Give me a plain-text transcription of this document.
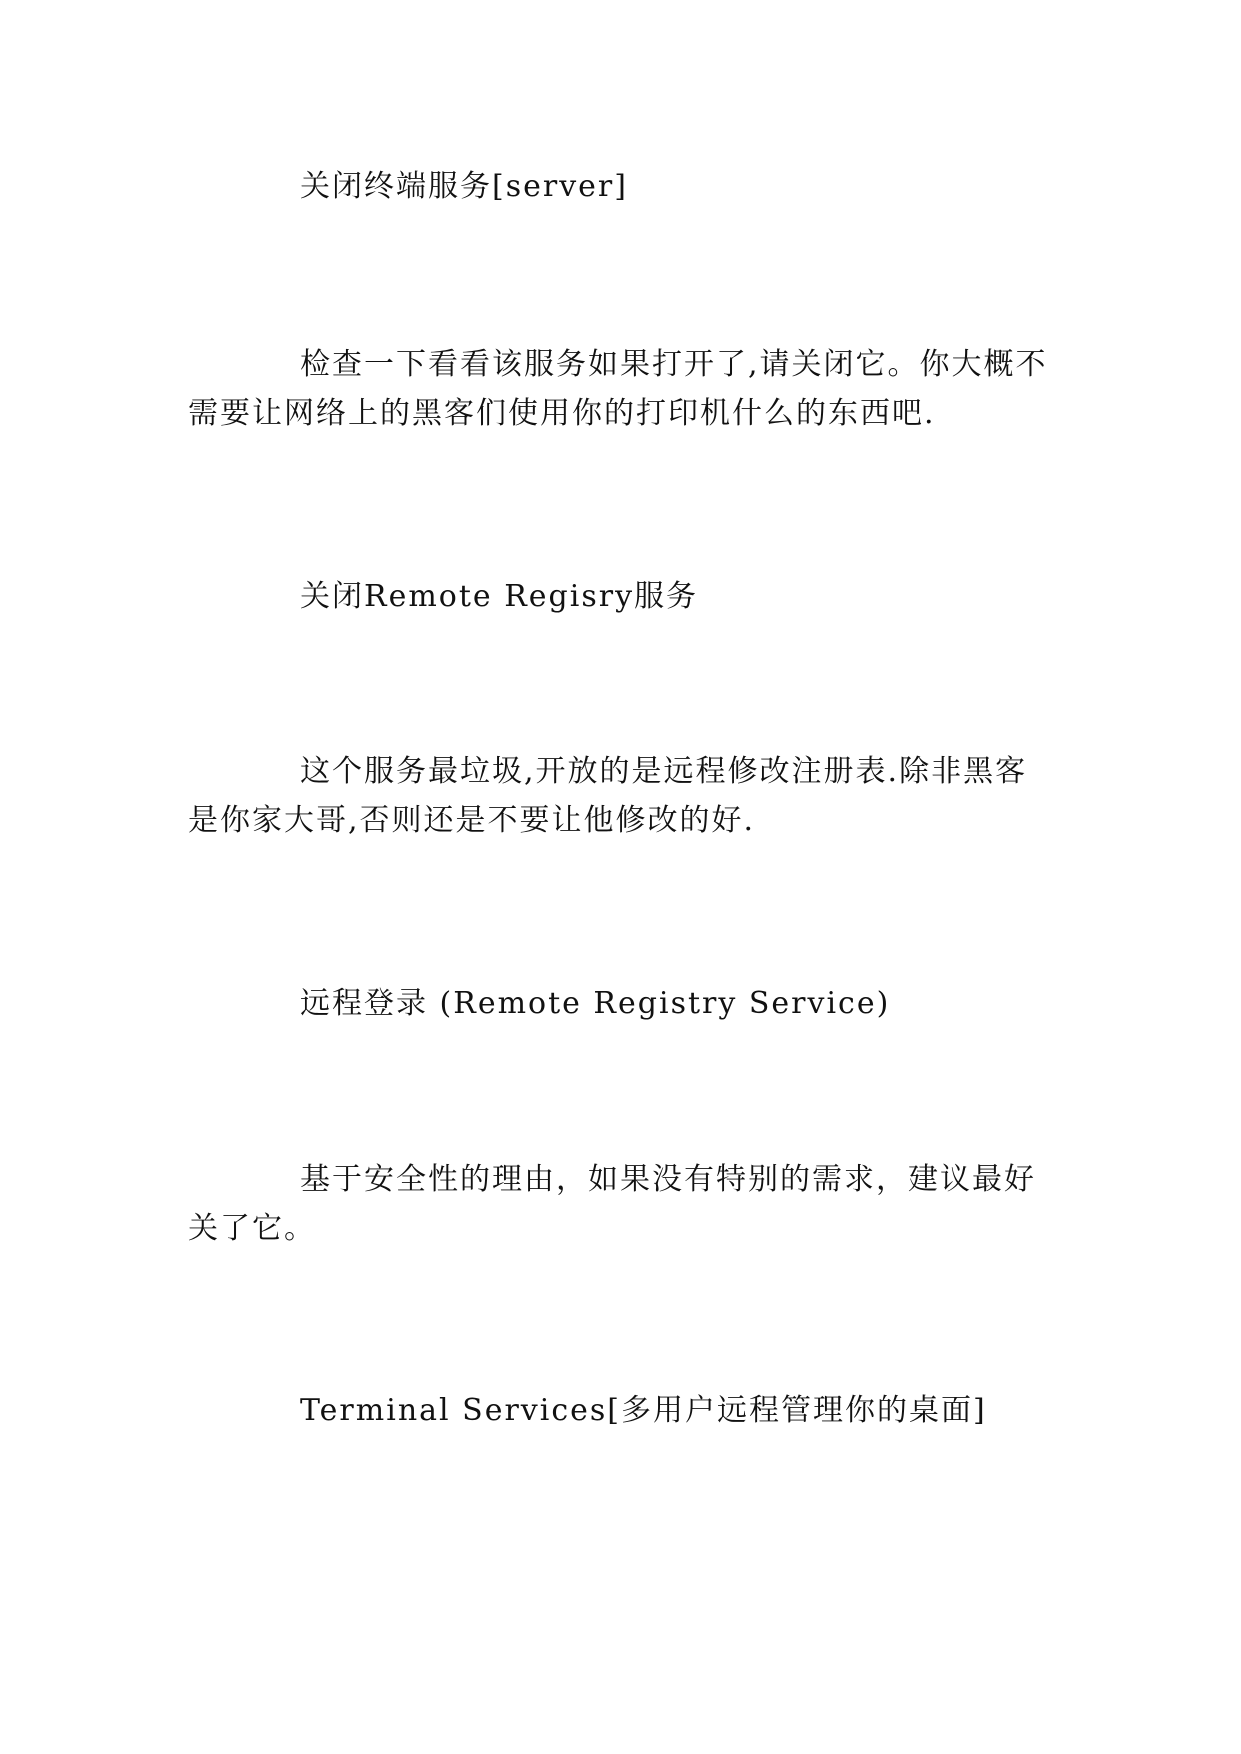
关闭终端服务[server]

检查一下看看该服务如果打开了,请关闭它。你大概不需要让网络上的黑客们使用你的打印机什么的东西吧.

关闭Remote Regisry服务

这个服务最垃圾,开放的是远程修改注册表.除非黑客是你家大哥,否则还是不要让他修改的好.

远程登录 (Remote Registry Service)

基于安全性的理由，如果没有特别的需求，建议最好关了它。

Terminal Services[多用户远程管理你的桌面]
